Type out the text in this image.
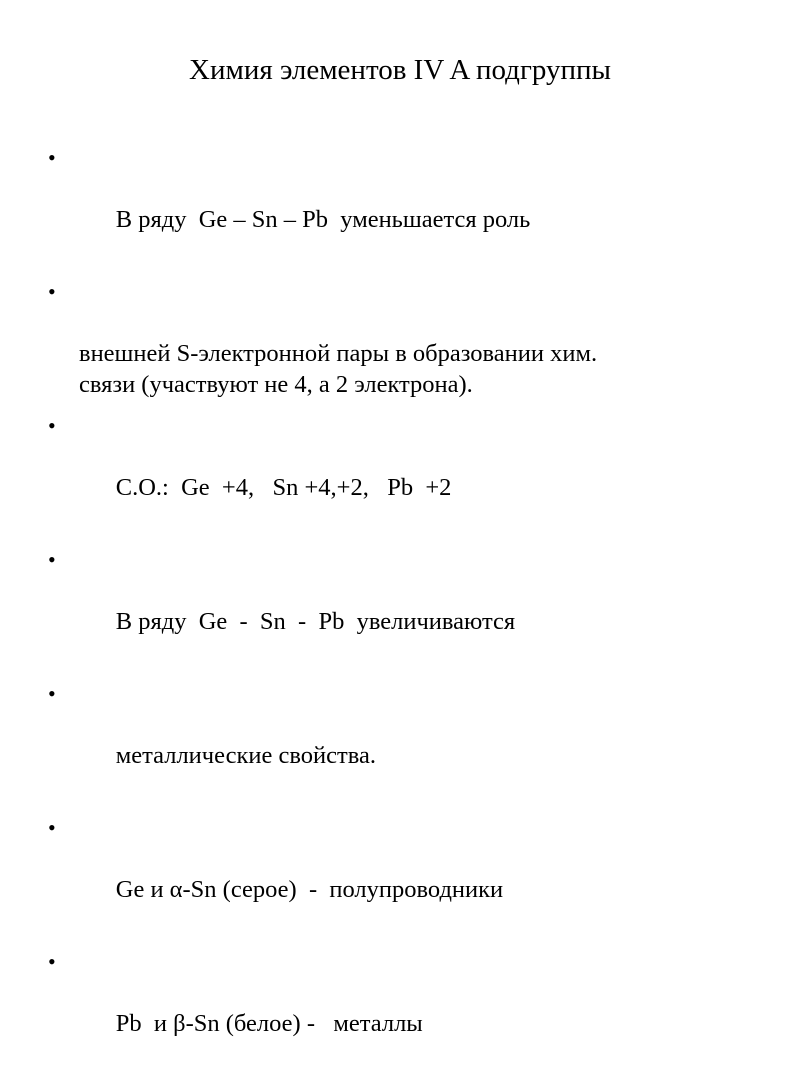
Химия элементов IV A подгруппы

•

В ряду  Ge – Sn – Pb  уменьшается роль

•

внешней S-электронной пары в образовании хим.
связи (участвуют не 4, а 2 электрона).

•

С.О.:  Ge  +4,   Sn +4,+2,   Pb  +2

•

В ряду  Ge  -  Sn  -  Pb  увеличиваются

•

металлические свойства.

•

Ge и α-Sn (серое)  -  полупроводники

•

Pb  и β-Sn (белое) -   металлы
